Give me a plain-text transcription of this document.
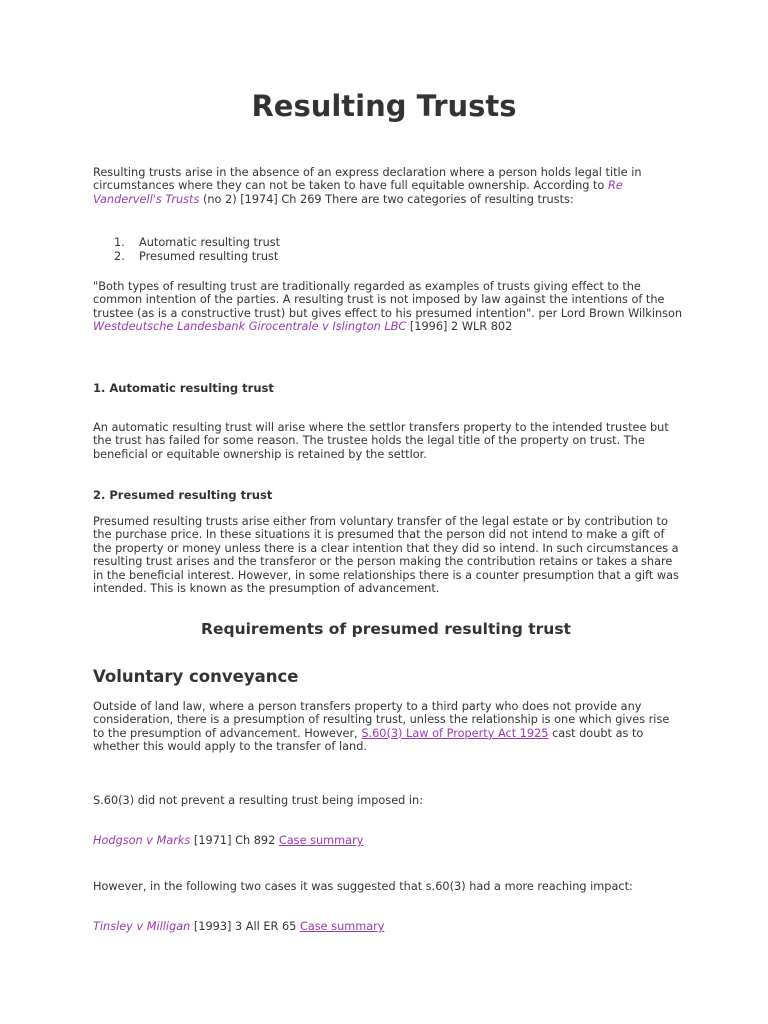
Resulting Trusts

Resulting trusts arise in the absence of an express declaration where a person holds legal title in circumstances where they can not be taken to have full equitable ownership. According to Re Vandervell's Trusts (no 2) [1974] Ch 269 There are two categories of resulting trusts:

1. Automatic resulting trust
2. Presumed resulting trust

"Both types of resulting trust are traditionally regarded as examples of trusts giving effect to the common intention of the parties. A resulting trust is not imposed by law against the intentions of the trustee (as is a constructive trust) but gives effect to his presumed intention". per Lord Brown Wilkinson Westdeutsche Landesbank Girocentrale v Islington LBC [1996] 2 WLR 802

1. Automatic resulting trust

An automatic resulting trust will arise where the settlor transfers property to the intended trustee but the trust has failed for some reason. The trustee holds the legal title of the property on trust. The beneficial or equitable ownership is retained by the settlor.

2. Presumed resulting trust

Presumed resulting trusts arise either from voluntary transfer of the legal estate or by contribution to the purchase price. In these situations it is presumed that the person did not intend to make a gift of the property or money unless there is a clear intention that they did so intend. In such circumstances a resulting trust arises and the transferor or the person making the contribution retains or takes a share in the beneficial interest. However, in some relationships there is a counter presumption that a gift was intended. This is known as the presumption of advancement.

Requirements of presumed resulting trust
Voluntary conveyance

Outside of land law, where a person transfers property to a third party who does not provide any consideration, there is a presumption of resulting trust, unless the relationship is one which gives rise to the presumption of advancement. However, S.60(3) Law of Property Act 1925 cast doubt as to whether this would apply to the transfer of land.

S.60(3) did not prevent a resulting trust being imposed in:

Hodgson v Marks [1971] Ch 892 Case summary

However, in the following two cases it was suggested that s.60(3) had a more reaching impact:

Tinsley v Milligan [1993] 3 All ER 65 Case summary
